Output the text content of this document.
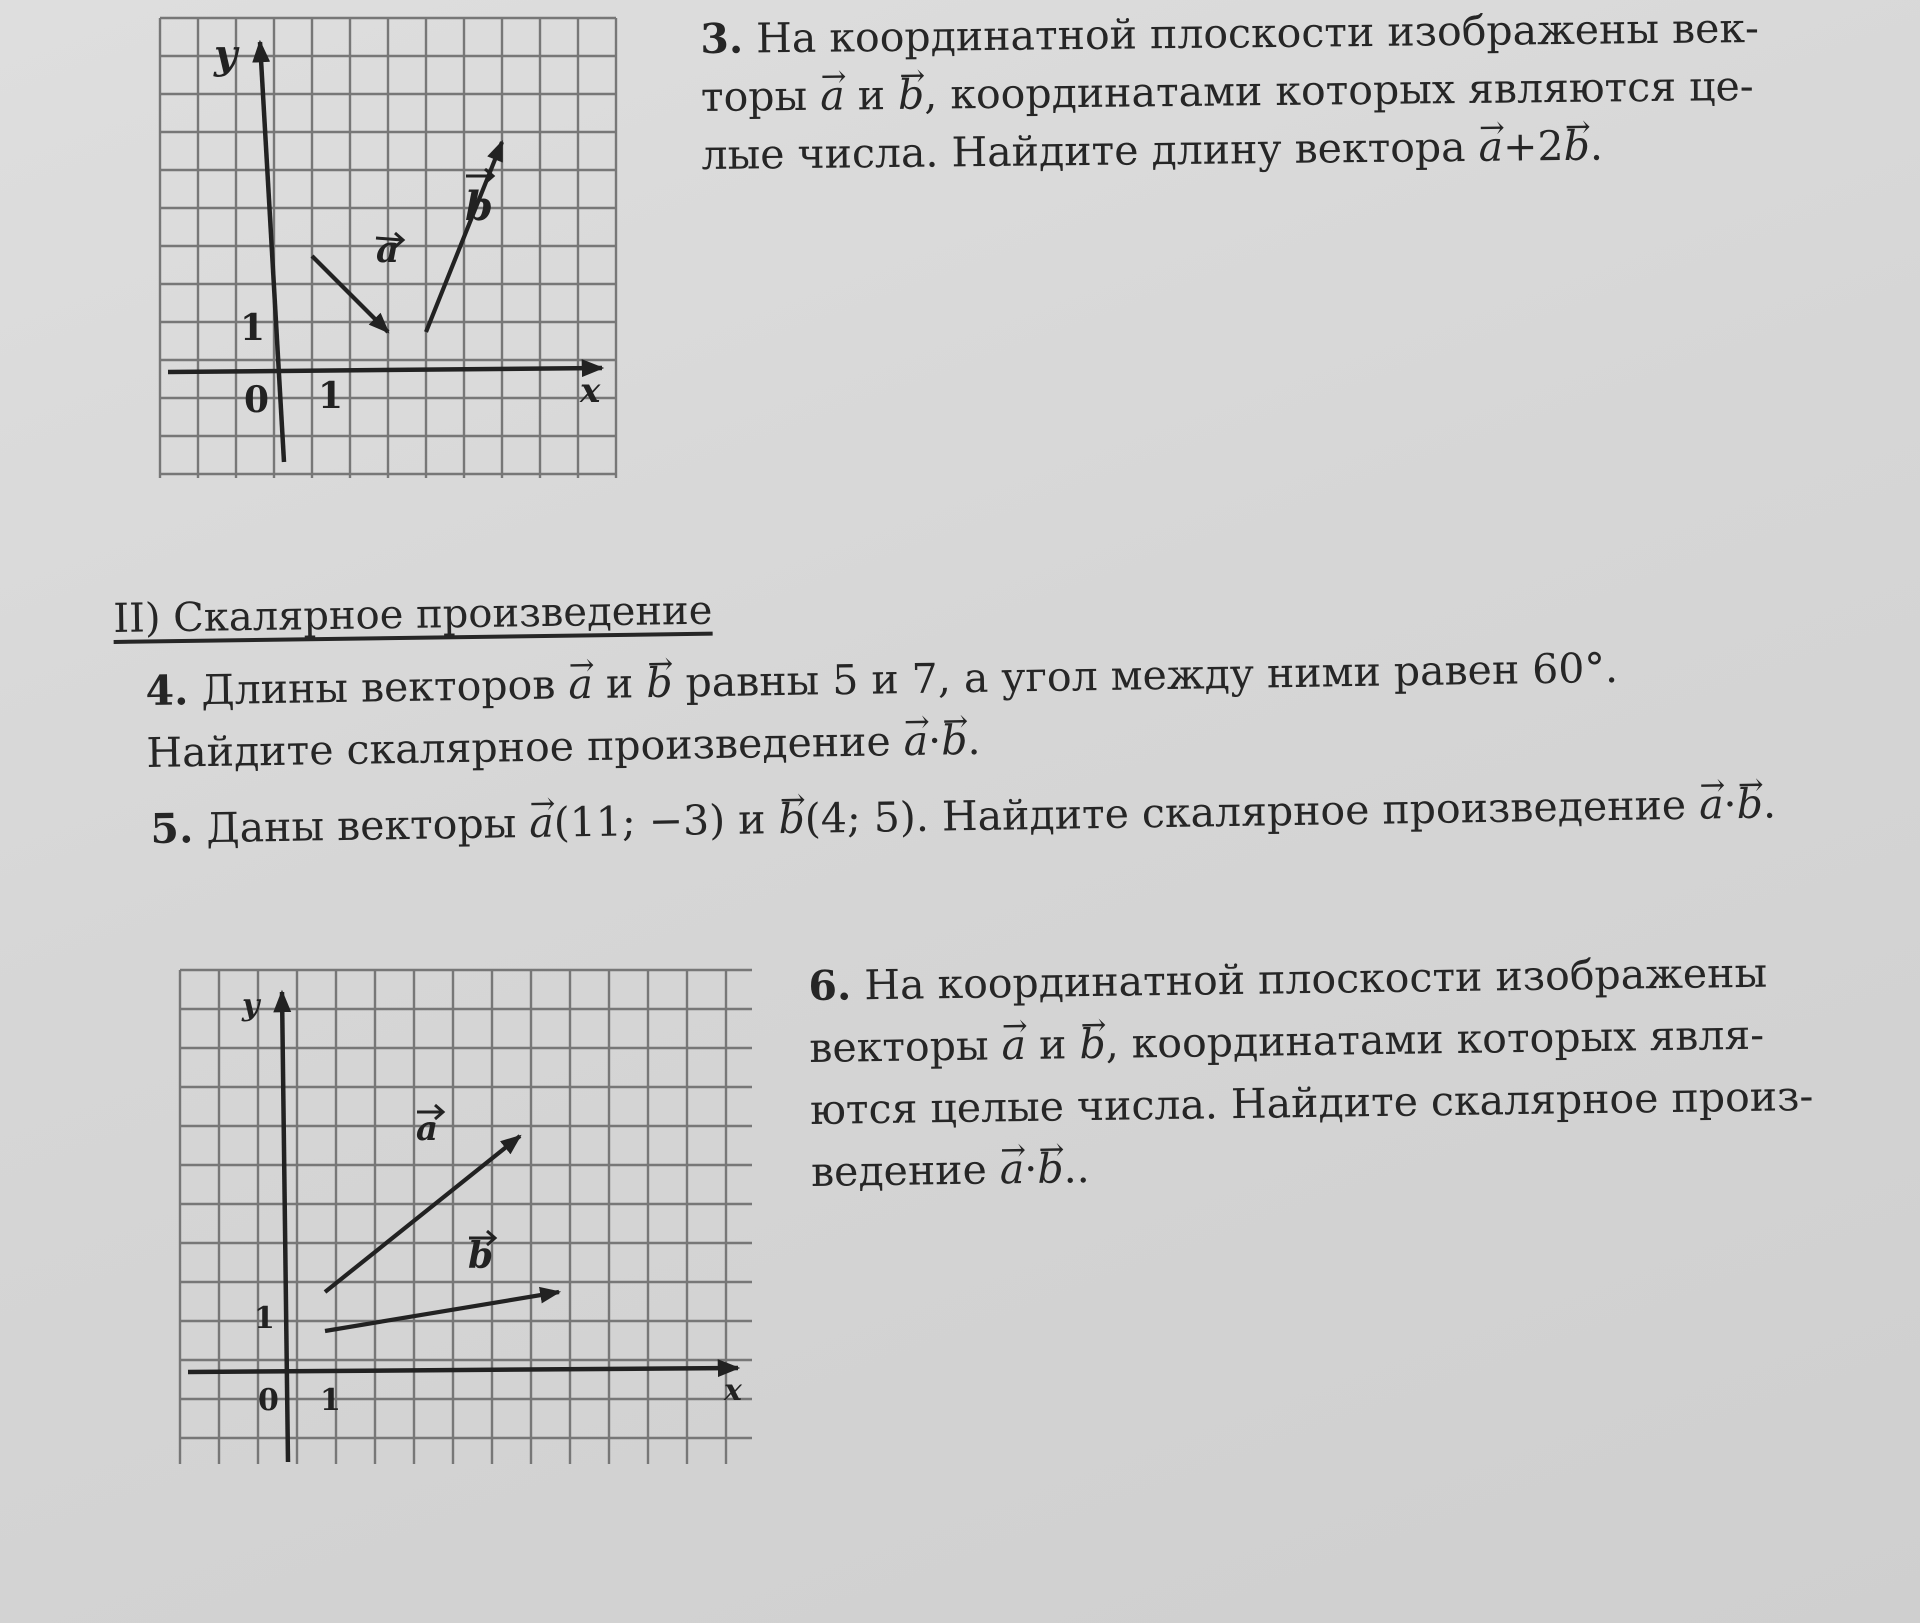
y
x
0
1
1
a
b
3. На координатной плоскости изображены век-
торы → a и → b, координатами которых являются це-
лые числа. Найдите длину вектора → a+2→ b.
II) Скалярное произведение
4. Длины векторов → a и → b равны 5 и 7, а угол между ними равен 60°.
Найдите скалярное произведение → a·→ b.
5. Даны векторы → a(11; −3) и → b(4; 5). Найдите скалярное произведение → a·→ b.
y
x
0
1
1
a
b
6. На координатной плоскости изображены
векторы → a и → b, координатами которых явля-
ются целые числа. Найдите скалярное произ-
ведение → a·→ b..
